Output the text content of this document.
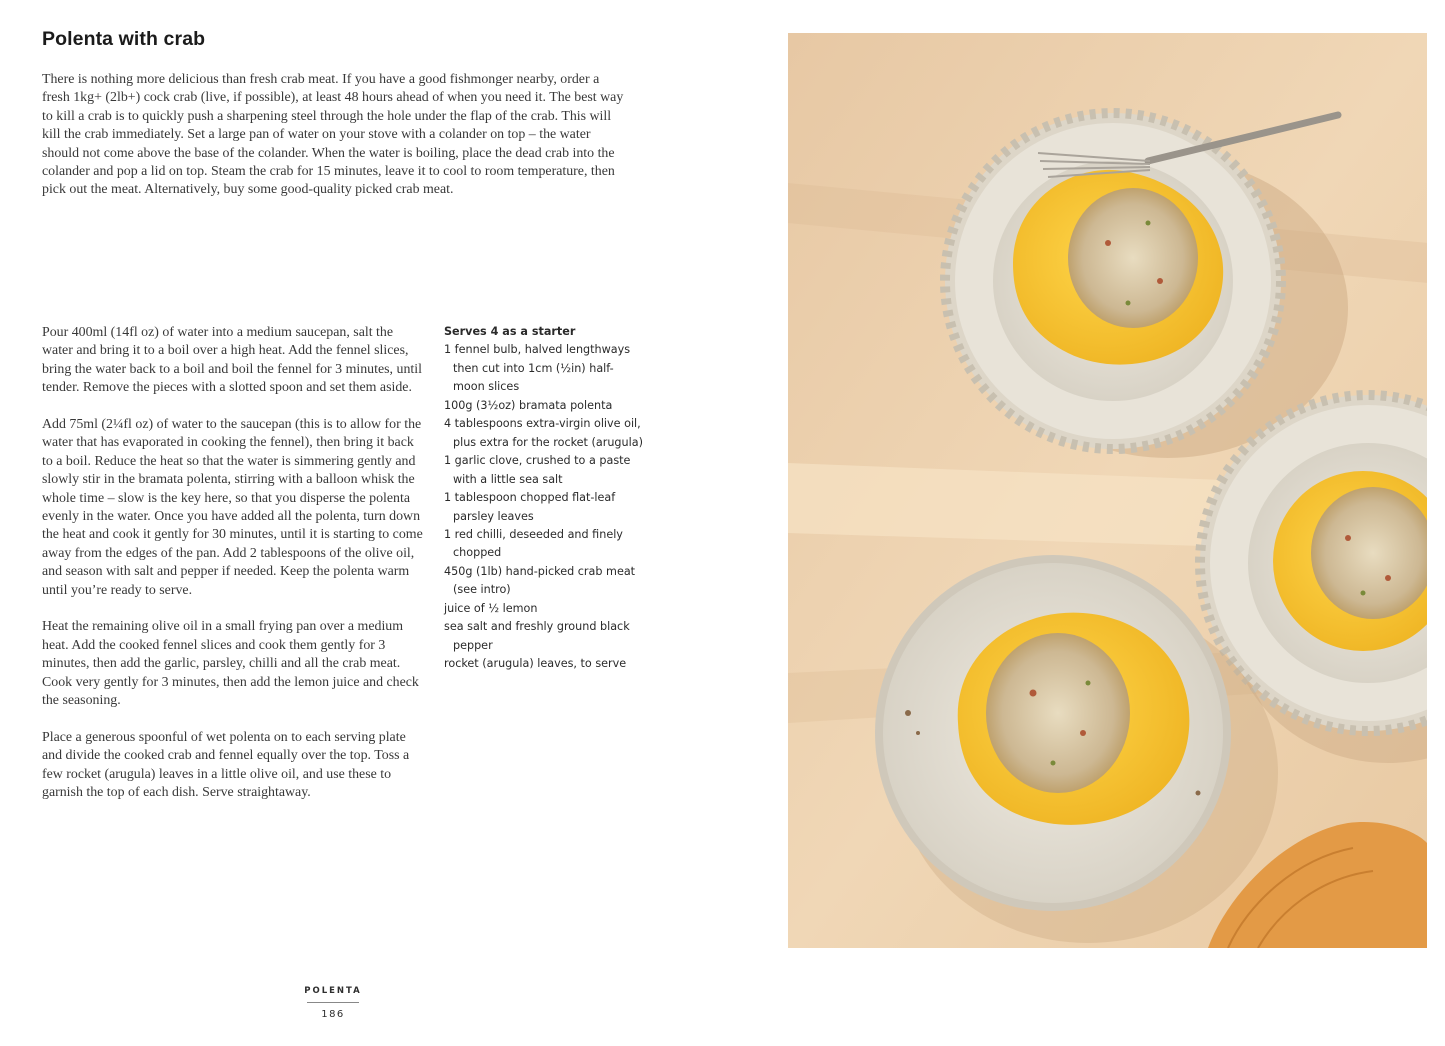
Polenta with crab

There is nothing more delicious than fresh crab meat. If you have a good fishmonger nearby, order a fresh 1kg+ (2lb+) cock crab (live, if possible), at least 48 hours ahead of when you need it. The best way to kill a crab is to quickly push a sharpening steel through the hole under the flap of the crab. This will kill the crab immediately. Set a large pan of water on your stove with a colander on top – the water should not come above the base of the colander. When the water is boiling, place the dead crab into the colander and pop a lid on top. Steam the crab for 15 minutes, leave it to cool to room temperature, then pick out the meat. Alternatively, buy some good-quality picked crab meat.

Pour 400ml (14fl oz) of water into a medium saucepan, salt the water and bring it to a boil over a high heat. Add the fennel slices, bring the water back to a boil and boil the fennel for 3 minutes, until tender. Remove the pieces with a slotted spoon and set them aside.

Add 75ml (2¼fl oz) of water to the saucepan (this is to allow for the water that has evaporated in cooking the fennel), then bring it back to a boil. Reduce the heat so that the water is simmering gently and slowly stir in the bramata polenta, stirring with a balloon whisk the whole time – slow is the key here, so that you disperse the polenta evenly in the water. Once you have added all the polenta, turn down the heat and cook it gently for 30 minutes, until it is starting to come away from the edges of the pan. Add 2 tablespoons of the olive oil, and season with salt and pepper if needed. Keep the polenta warm until you’re ready to serve.

Heat the remaining olive oil in a small frying pan over a medium heat. Add the cooked fennel slices and cook them gently for 3 minutes, then add the garlic, parsley, chilli and all the crab meat. Cook very gently for 3 minutes, then add the lemon juice and check the seasoning.

Place a generous spoonful of wet polenta on to each serving plate and divide the cooked crab and fennel equally over the top. Toss a few rocket (arugula) leaves in a little olive oil, and use these to garnish the top of each dish. Serve straightaway.

Serves 4 as a starter
1 fennel bulb, halved lengthways then cut into 1cm (½in) half-moon slices
100g (3½oz) bramata polenta
4 tablespoons extra-virgin olive oil, plus extra for the rocket (arugula)
1 garlic clove, crushed to a paste with a little sea salt
1 tablespoon chopped flat-leaf parsley leaves
1 red chilli, deseeded and finely chopped
450g (1lb) hand-picked crab meat (see intro)
juice of ½ lemon
sea salt and freshly ground black pepper
rocket (arugula) leaves, to serve
POLENTA
186
